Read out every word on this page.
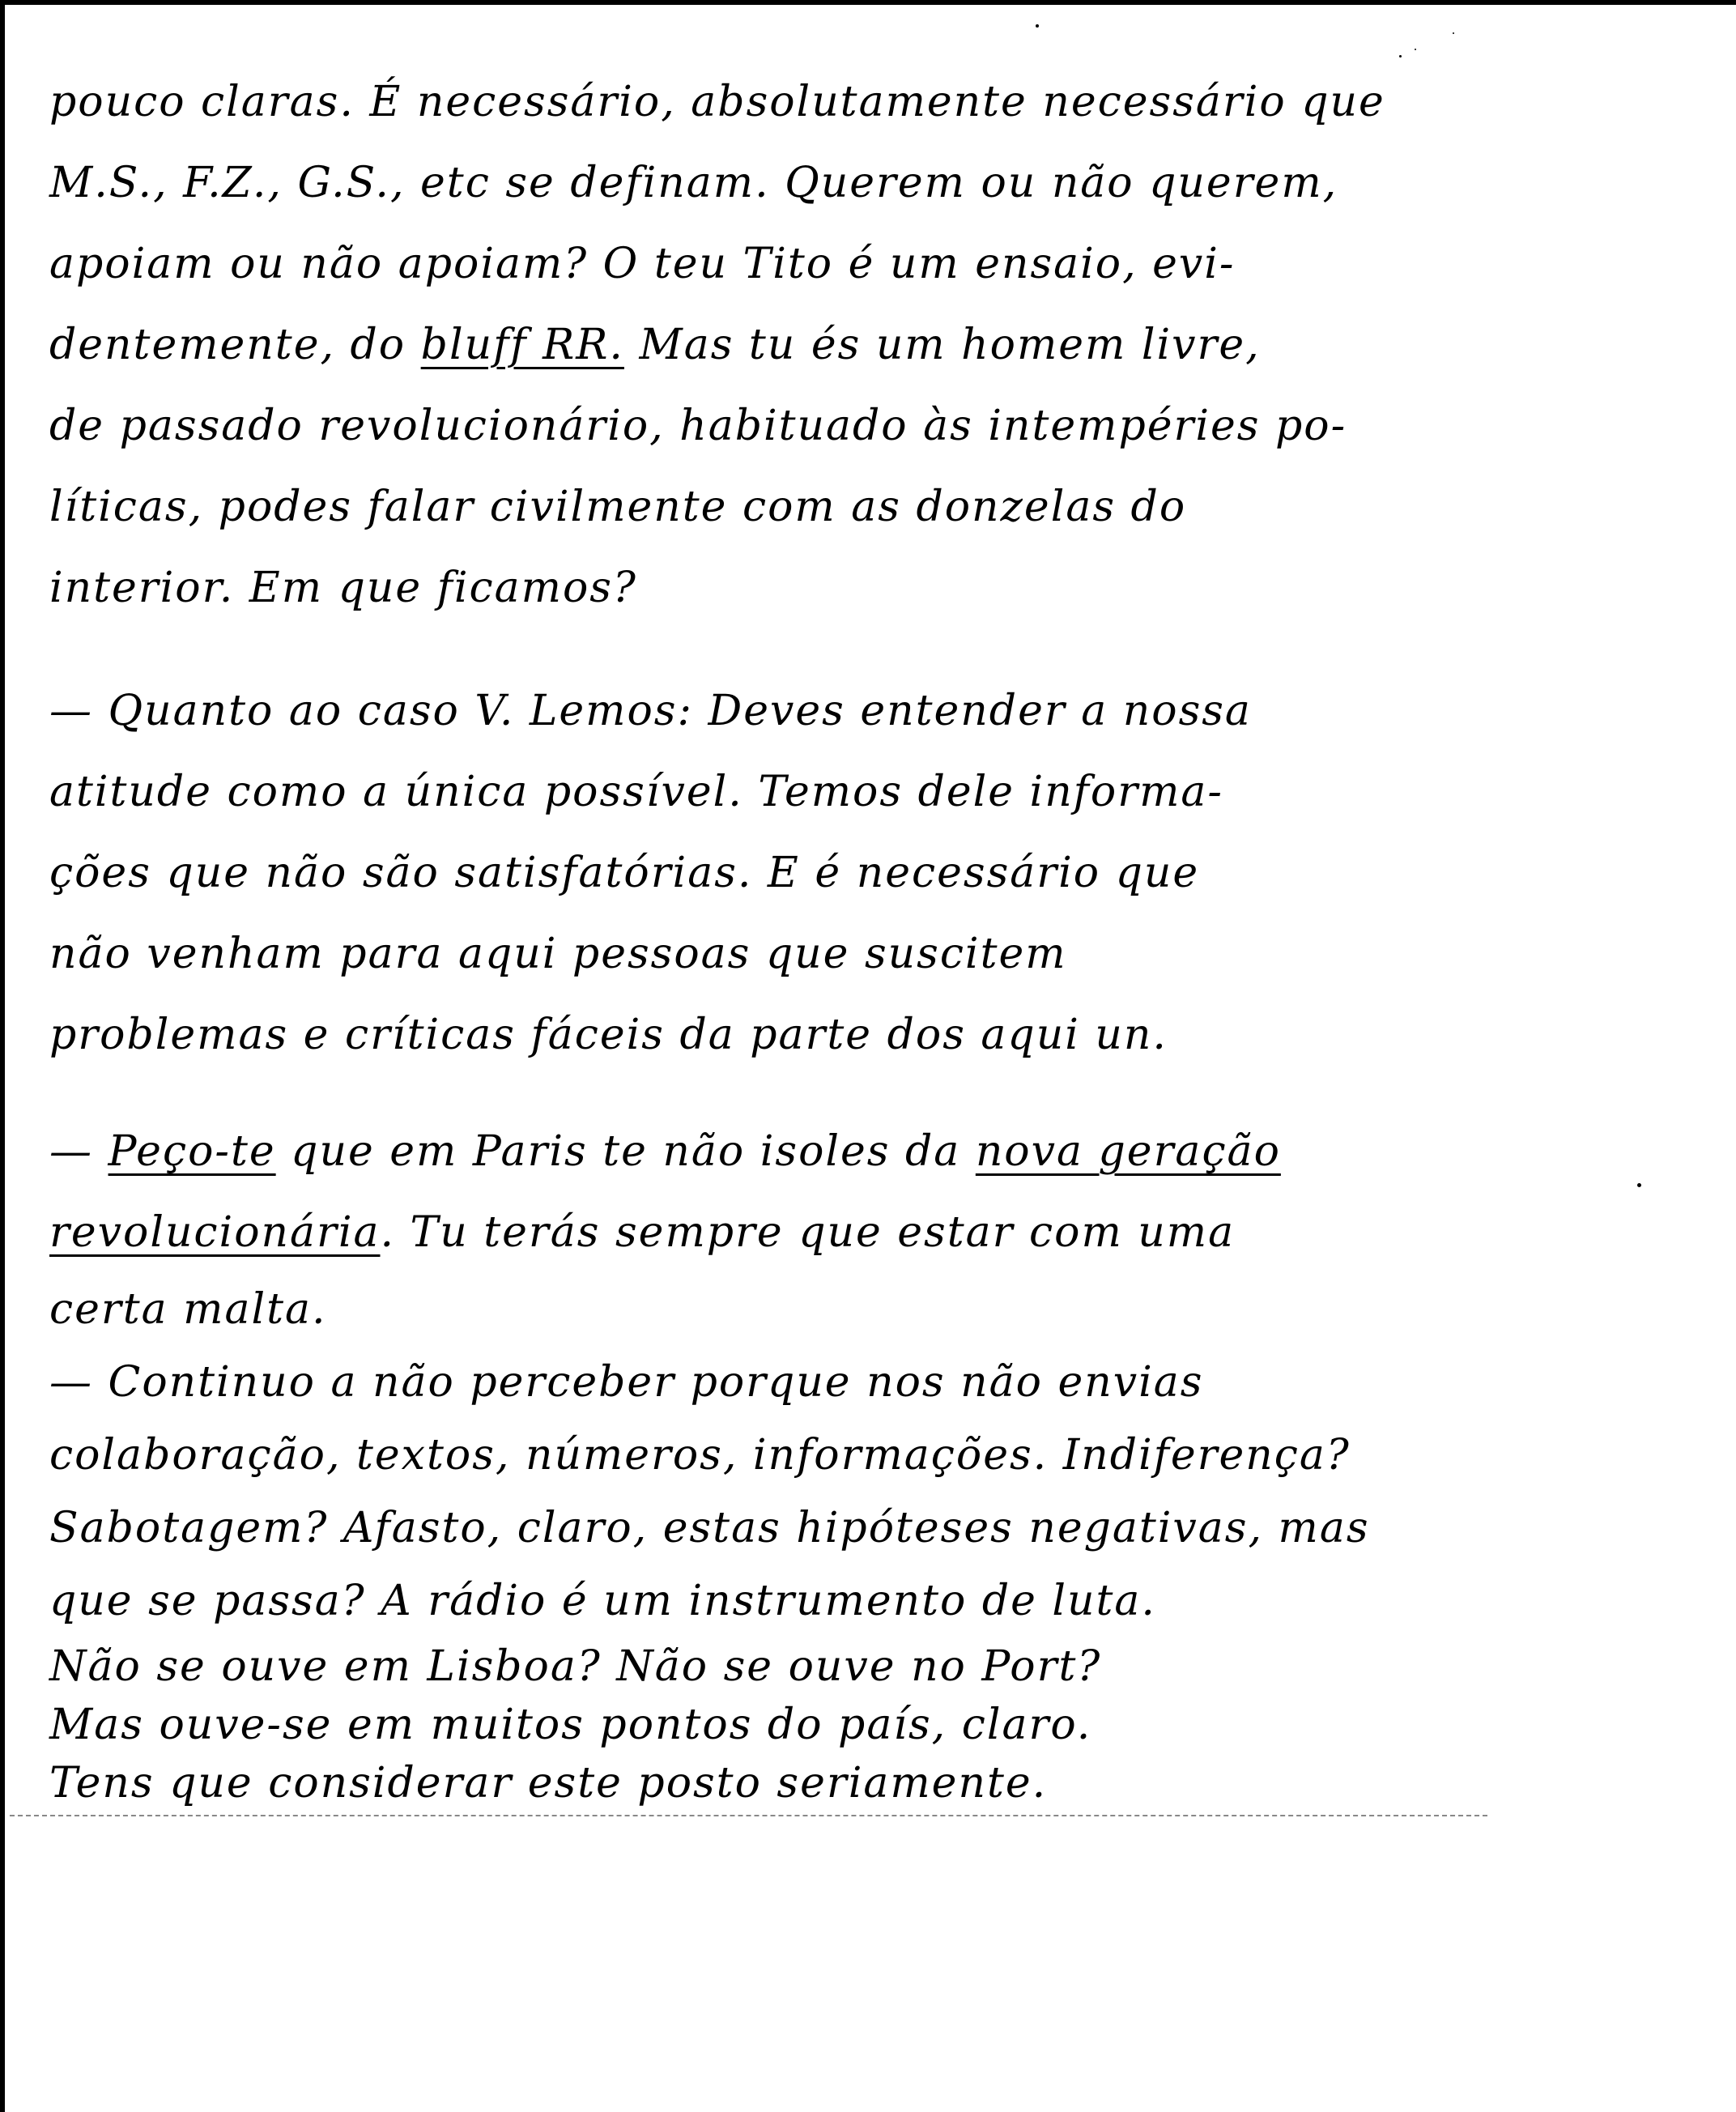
pouco claras. É necessário, absolutamente necessário que
M.S., F.Z., G.S., etc se definam. Querem ou não querem,
apoiam ou não apoiam? O teu Tito é um ensaio, evi-
dentemente, do bluff RR. Mas tu és um homem livre,
de passado revolucionário, habituado às intempéries po-
líticas, podes falar civilmente com as donzelas do
interior. Em que ficamos?
— Quanto ao caso V. Lemos: Deves entender a nossa
atitude como a única possível. Temos dele informa-
ções que não são satisfatórias. E é necessário que
não venham para aqui pessoas que suscitem
problemas e críticas fáceis da parte dos aqui un.
— Peço-te que em Paris te não isoles da nova geração
revolucionária. Tu terás sempre que estar com uma
certa malta.
— Continuo a não perceber porque nos não envias
colaboração, textos, números, informações. Indiferença?
Sabotagem? Afasto, claro, estas hipóteses negativas, mas
que se passa? A rádio é um instrumento de luta.
Não se ouve em Lisboa? Não se ouve no Port?
Mas ouve-se em muitos pontos do país, claro.
Tens que considerar este posto seriamente.
